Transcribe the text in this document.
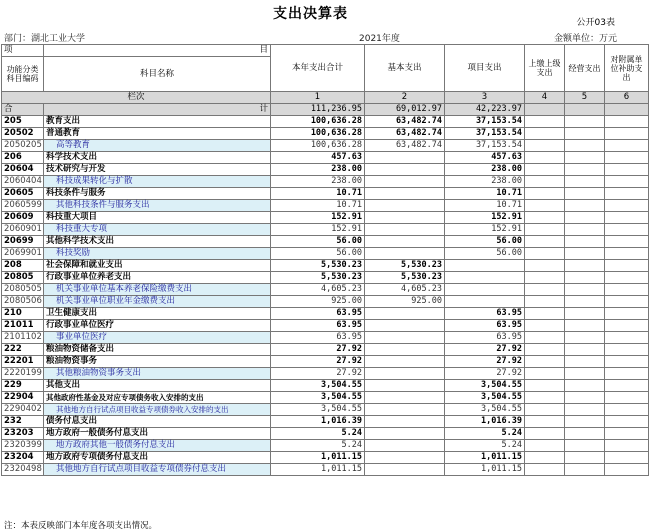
支出决算表
公开03表
部门：湖北工业大学	2021年度	金额单位：万元
项	目	本年支出合计	基本支出	项目支出	上缴上级支出	经营支出	对附属单位补助支出
功能分类科目编码	科目名称						

栏次		1	2	3	4	5	6
合	计	111,236.95	69,012.97	42,223.97			
205	教育支出	100,636.28	63,482.74	37,153.54			
20502	普通教育	100,636.28	63,482.74	37,153.54			
2050205	高等教育	100,636.28	63,482.74	37,153.54			
206	科学技术支出	457.63		457.63			
20604	技术研究与开发	238.00		238.00			
2060404	科技成果转化与扩散	238.00		238.00			
20605	科技条件与服务	10.71		10.71			
2060599	其他科技条件与服务支出	10.71		10.71			
20609	科技重大项目	152.91		152.91			
2060901	科技重大专项	152.91		152.91			
20699	其他科学技术支出	56.00		56.00			
2069901	科技奖励	56.00		56.00			
208	社会保障和就业支出	5,530.23	5,530.23				
20805	行政事业单位养老支出	5,530.23	5,530.23				
2080505	机关事业单位基本养老保险缴费支出	4,605.23	4,605.23				
2080506	机关事业单位职业年金缴费支出	925.00	925.00				
210	卫生健康支出	63.95		63.95			
21011	行政事业单位医疗	63.95		63.95			
2101102	事业单位医疗	63.95		63.95			
222	粮油物资储备支出	27.92		27.92			
22201	粮油物资事务	27.92		27.92			
2220199	其他粮油物资事务支出	27.92		27.92			
229	其他支出	3,504.55		3,504.55			
22904	其他政府性基金及对应专项债务收入安排的支出	3,504.55		3,504.55			
2290402	其他地方自行试点项目收益专项债券收入安排的支出	3,504.55		3,504.55			
232	债务付息支出	1,016.39		1,016.39			
23203	地方政府一般债务付息支出	5.24		5.24			
2320399	地方政府其他一般债务付息支出	5.24		5.24			
23204	地方政府专项债务付息支出	1,011.15		1,011.15			
2320498	其他地方自行试点项目收益专项债券付息支出	1,011.15		1,011.15			
注：本表反映部门本年度各项支出情况。
